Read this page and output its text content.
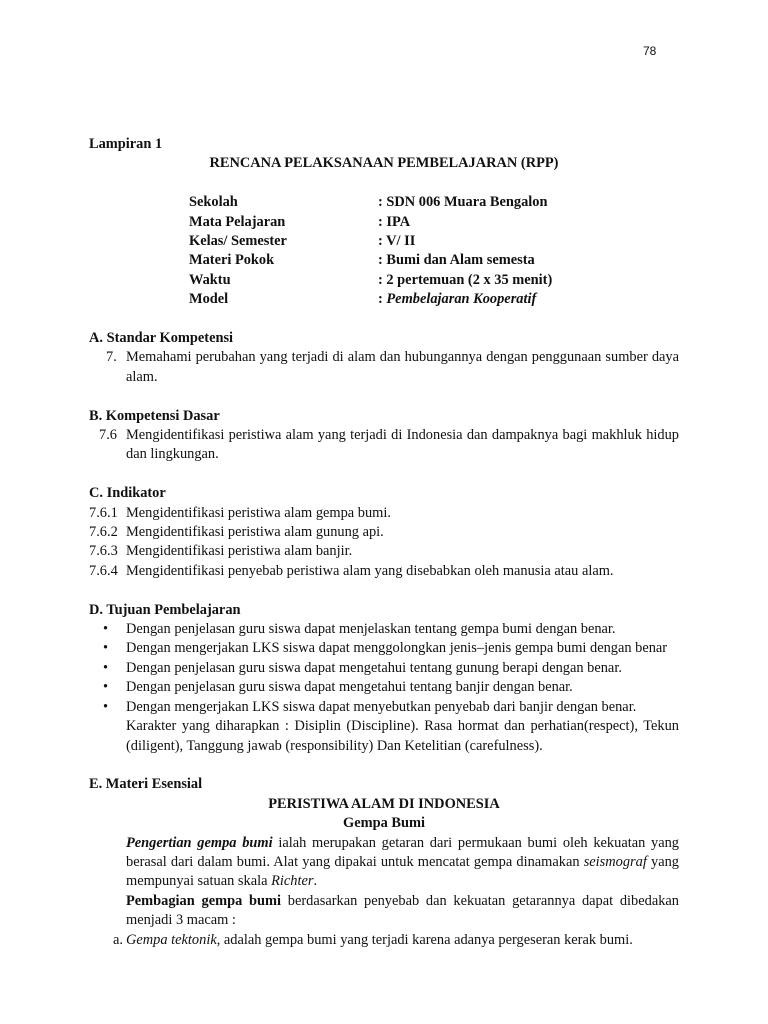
78
Lampiran 1
RENCANA PELAKSANAAN PEMBELAJARAN (RPP)
Sekolah	: SDN 006 Muara Bengalon
Mata Pelajaran	: IPA
Kelas/ Semester	: V/ II
Materi Pokok	: Bumi dan Alam semesta
Waktu	: 2 pertemuan (2 x 35 menit)
Model	: Pembelajaran Kooperatif
A. Standar Kompetensi
7. Memahami perubahan yang terjadi di alam dan hubungannya dengan penggunaan sumber daya alam.
B. Kompetensi Dasar
7.6 Mengidentifikasi peristiwa alam yang terjadi di Indonesia dan dampaknya bagi makhluk hidup dan lingkungan.
C. Indikator
7.6.1 Mengidentifikasi peristiwa alam gempa bumi.
7.6.2 Mengidentifikasi peristiwa alam gunung api.
7.6.3 Mengidentifikasi peristiwa alam banjir.
7.6.4 Mengidentifikasi penyebab peristiwa alam yang disebabkan oleh manusia atau alam.
D. Tujuan Pembelajaran
•	Dengan penjelasan guru siswa dapat menjelaskan tentang gempa bumi dengan benar.
•	Dengan mengerjakan LKS siswa dapat menggolongkan jenis–jenis gempa bumi dengan benar
•	Dengan penjelasan guru siswa dapat mengetahui tentang gunung berapi dengan benar.
•	Dengan penjelasan guru siswa dapat mengetahui tentang banjir dengan benar.
•	Dengan mengerjakan LKS siswa dapat menyebutkan penyebab dari banjir dengan benar.
Karakter yang diharapkan : Disiplin (Discipline). Rasa hormat dan perhatian(respect), Tekun (diligent), Tanggung jawab (responsibility) Dan Ketelitian (carefulness).
E. Materi Esensial
PERISTIWA ALAM DI INDONESIA
Gempa Bumi
Pengertian gempa bumi ialah merupakan getaran dari permukaan bumi oleh kekuatan yang berasal dari dalam bumi. Alat yang dipakai untuk mencatat gempa dinamakan seismograf yang mempunyai satuan skala Richter.
Pembagian gempa bumi berdasarkan penyebab dan kekuatan getarannya dapat dibedakan menjadi 3 macam :
a. Gempa tektonik, adalah gempa bumi yang terjadi karena adanya pergeseran kerak bumi.
